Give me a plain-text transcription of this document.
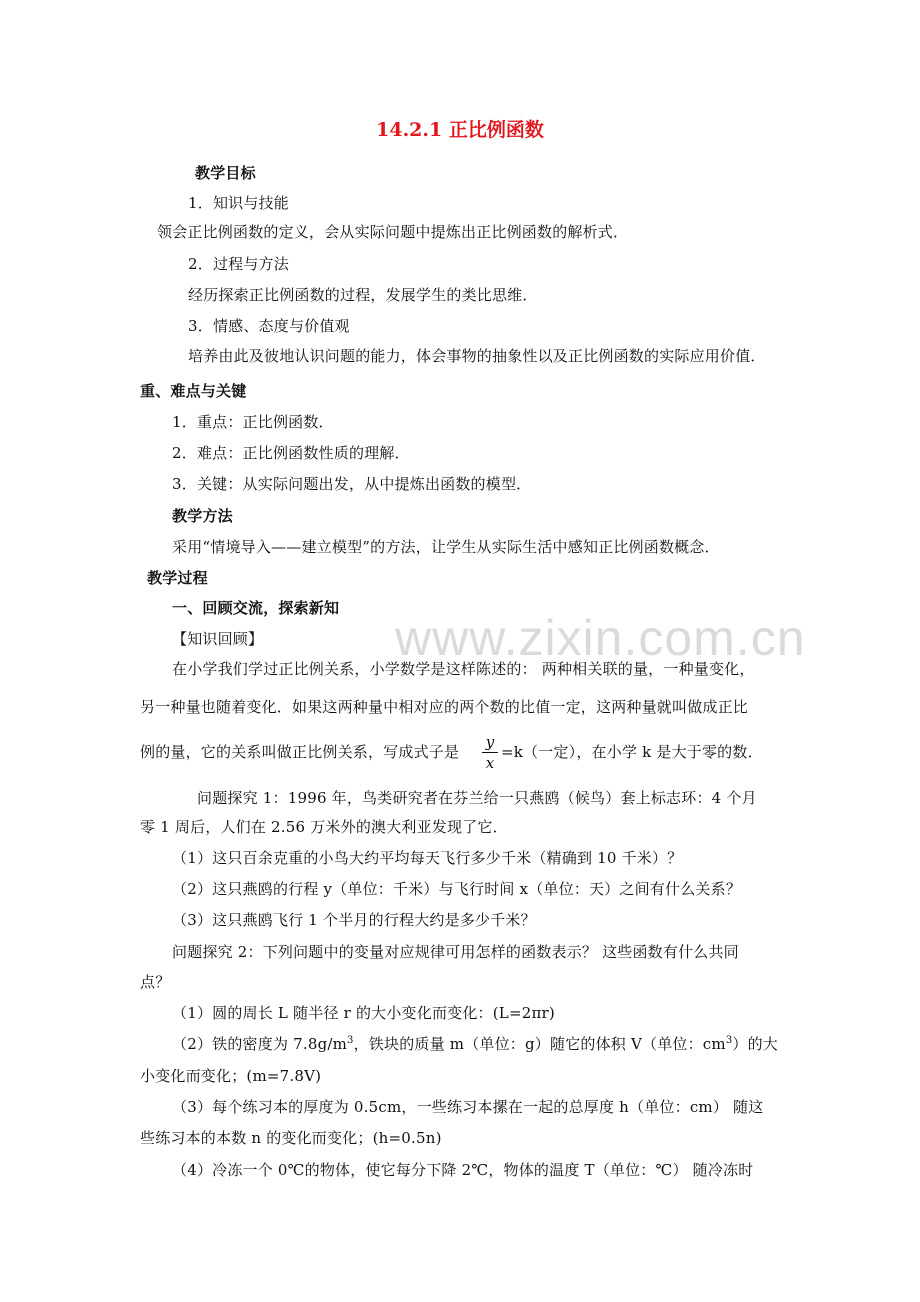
www.zixin.com.cn
14.2.1 正比例函数
教学目标
1．知识与技能
领会正比例函数的定义，会从实际问题中提炼出正比例函数的解析式．
2．过程与方法
经历探索正比例函数的过程，发展学生的类比思维．
3．情感、态度与价值观
培养由此及彼地认识问题的能力，体会事物的抽象性以及正比例函数的实际应用价值．
重、难点与关键
1．重点：正比例函数．
2．难点：正比例函数性质的理解．
3．关键：从实际问题出发，从中提炼出函数的模型．
教学方法
采用“情境导入——建立模型”的方法，让学生从实际生活中感知正比例函数概念．
教学过程
一、回顾交流，探索新知
【知识回顾】
在小学我们学过正比例关系，小学数学是这样陈述的： 两种相关联的量，一种量变化，
另一种量也随着变化．如果这两种量中相对应的两个数的比值一定，这两种量就叫做成正比
例的量，它的关系叫做正比例关系，写成式子是
y
x
=k（一定），在小学 k 是大于零的数．
问题探究 1：1996 年，鸟类研究者在芬兰给一只燕鸥（候鸟）套上标志环：4 个月
零 1 周后，人们在 2.56 万米外的澳大利亚发现了它．
（1）这只百余克重的小鸟大约平均每天飞行多少千米（精确到 10 千米）？
（2）这只燕鸥的行程 y（单位：千米）与飞行时间 x（单位：天）之间有什么关系？
（3）这只燕鸥飞行 1 个半月的行程大约是多少千米？
问题探究 2：下列问题中的变量对应规律可用怎样的函数表示？ 这些函数有什么共同
点？
（1）圆的周长 L 随半径 r 的大小变化而变化：(L=2πr)
（2）铁的密度为 $7.8g/m^3$，铁块的质量 m（单位：g）随它的体积 V（单位：$cm^3$）的大
小变化而变化；(m=7.8V)
（3）每个练习本的厚度为 0.5cm，一些练习本摞在一起的总厚度 h（单位：cm） 随这
些练习本的本数 n 的变化而变化；(h=0.5n)
（4）冷冻一个 0℃的物体，使它每分下降 2℃，物体的温度 T（单位：℃） 随冷冻时
